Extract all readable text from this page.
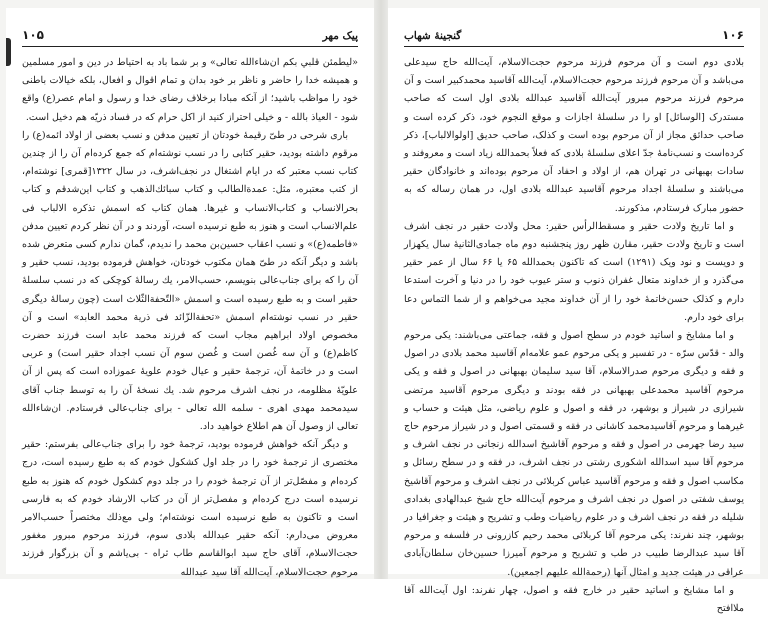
۱۰۵	پیک مهر

«ليطمئن قلبي بكم ان‌شاءالله تعالی» و بر شما باد به احتياط در دين و امور مسلمين و هميشه خدا را حاضر و ناظر بر خود بدان و تمام اقوال و افعال، بلكه خيالات باطنی خود را مواظب باشيد؛ از آنكه مبادا برخلاف رضای خدا و رسول و امام عصر(ع) واقع شود - العياذ بالله - و خيلی احتراز كنيد از اكل حرام كه در فساد ذريّه هم دخيل است.

باری شرحی در طیّ رقيمهٔ خودتان از تعيين مدفن و نسب بعضی از اولاد ائمه(ع) را مرقوم داشته بوديد، حقير كتابی را در نسب نوشته‌ام كه جمع كرده‌ام آن را از چندين كتاب نسب معتبر كه در ايام اشتغال در نجف‌اشرف، در سال ۱۳۲۲[قمری] نوشته‌ام، از كتب معتبره، مثل: عمدة‌الطالب و كتاب سبائك‌الذهب و كتاب اين‌شدقم و كتاب بحرالانساب و كتاب‌الانساب و غيرها. همان كتاب كه اسمش تذكره الالباب فی علم‌الانساب است و هنوز به طبع نرسيده است، آوردند و در آن نظر كردم تعيين مدفن «فاطمه(ع)» و نسب اعقاب حسين‌بن محمد را نديدم، گمان ندارم كسی متعرض شده باشد و ديگر آنكه در طیّ همان مكتوب خودتان، خواهش فرموده بوديد، نسب حقير و آن را كه برای جناب‌عالی بنويسم، حسب‌الامر، يك رسالهٔ كوچكی كه در نسب سلسلهٔ حقير است و به طبع رسيده است و اسمش «التّحفة‌الثّلاث است (چون رسالهٔ ديگری حقير در نسب نوشته‌ام اسمش «تحفة‌الزّائد فی ذرية محمد العابد» است و آن مخصوص اولاد ابراهيم مجاب است كه فرزند محمد عابد است فرزند حضرت كاظم(ع) و آن سه غُصن است و غُصن سوم آن نسب اجداد حقير است) و عربی است و در خاتمهٔ آن، ترجمهٔ حقير و عيال خودم علويهٔ عموزاده است كه پس از آن علويّهٔ مظلومه، در نجف اشرف مرحوم شد. يك نسخهٔ آن را به توسط جناب آقای سيدمحمد مهدی اهری - سلمه الله تعالی - برای جناب‌عالی فرستادم. ان‌شاءالله تعالی از وصول آن هم اطلاع خواهيد داد.

و ديگر آنكه خواهش فرموده بوديد، ترجمهٔ خود را برای جناب‌عالی بفرستم: حقير مختصری از ترجمهٔ خود را در جلد اول كشكول خودم كه به طبع رسيده است، درج كرده‌ام و مفصّل‌تر از آن ترجمهٔ خودم را در جلد دوم كشكول خودم كه هنوز به طبع نرسيده است درج كرده‌ام و مفصل‌تر از آن در كتاب الارشاد خودم كه به فارسی است و تاكنون به طبع نرسيده است نوشته‌ام؛ ولی مع‌ذلك مختصراً حسب‌الامر معروض می‌دارم: آنكه حقير عبدالله بلادی سوم، فرزند مرحوم مبرور مغفور حجت‌الاسلام، آقای حاج سيد ابوالقاسم طاب ثراه - بی‌ياشم و آن بزرگوار فرزند مرحوم حجت‌الاسلام، آيت‌الله آقا سيد عبدالله

گنجينهٔ شهاب	۱۰۶

بلادی دوم است و آن مرحوم فرزند مرحوم حجت‌الاسلام، آيت‌الله حاج سيدعلی می‌باشد و آن مرحوم فرزند مرحوم حجت‌الاسلام، آيت‌الله آقاسيد محمدكبير است و آن مرحوم فرزند مرحوم مبرور آيت‌الله آقاسيد عبدالله بلادی اول است كه صاحب مستدرک [الوسائل] او را در سلسلهٔ اجازات و موقع النجوم خود، ذكر كرده است و صاحب حدائق مجاز از آن مرحوم بوده است و كذلک، صاحب حديق [اولو‌الالباب]، ذكر كرده‌است و نسب‌نامهٔ جدّ اعلای سلسلهٔ بلادی كه فعلاً بحمدالله زياد است و معروفند و سادات بهبهانی در تهران هم، از اولاد و احفاد آن مرحوم بوده‌اند و خانوادگان حقير می‌باشند و سلسلهٔ اجداد مرحوم آقاسيد عبدالله بلادی اول، در همان رساله كه به حضور مبارک فرستادم، مذكورند.

و اما تاريخ ولادت حقير و مسقط‌الرأس حقير: محل ولادت حقير در نجف اشرف است و تاريخ ولادت حقير، مقارن ظهر روز پنجشنبه دوم ماه جمادی‌الثانيهٔ سال يكهزار و دويست و نود ويک (۱۲۹۱) است كه تاكنون بحمدالله ۶۵ يا ۶۶ سال از عمر حقير می‌گذرد و از خداوند متعال غفران ذنوب و ستر عيوب خود را در دنيا و آخرت استدعا دارم و كذلک حسن‌خاتمهٔ خود را از آن خداوند مجيد می‌خواهم و از شما التماس دعا برای خود دارم.

و اما مشايخ و اساتيد خودم در سطح اصول و فقه، جماعتی می‌باشند: يكی مرحوم والد - قدّس سرّه - در تفسير و يكی مرحوم عمو علامه‌ام آقاسيد محمد بلادی در اصول و فقه و ديگری مرحوم صدرالاسلام، آقا سيد سليمان بهبهانی در اصول و فقه و يكی مرحوم آقاسيد محمدعلی بهبهانی در فقه بودند و ديگری مرحوم آقاسيد مرتضی شيرازی در شيراز و بوشهر، در فقه و اصول و علوم رياضی، مثل هيئت و حساب و غيرهما و مرحوم آقاسيدمحمد كاشانی در فقه و قسمتی اصول و در شيراز مرحوم حاج سيد رضا جهرمی در اصول و فقه و مرحوم آقاشيخ اسدالله زنجانی در نجف اشرف و مرحوم آقا سيد اسدالله اشكوری رشتی در نجف اشرف، در فقه و در سطح رسائل و مكاسب اصول و فقه و مرحوم آقاسيد عباس كربلائی در نجف اشرف و مرحوم آقاشيخ يوسف شفتی در اصول در نجف اشرف و مرحوم آيت‌الله حاج شيخ عبدالهادی بغدادی شليله در فقه در نجف اشرف و در علوم رياضيات وطب و تشريح و هيئت و جغرافيا در بوشهر، چند نفرند: يكی مرحوم آقا كربلائی محمد رحيم كازرونی در فلسفه و مرحوم آقا سيد عبدالرضا طبيب در طب و تشريح و مرحوم آميرزا حسين‌خان سلطان‌آبادی عراقی در هيئت جديد و امثال آنها (رحمة‌الله عليهم اجمعين).

و اما مشايخ و اساتيد حقير در خارج فقه و اصول، چهار نفرند: اول آيت‌الله آقا ملاافتح
